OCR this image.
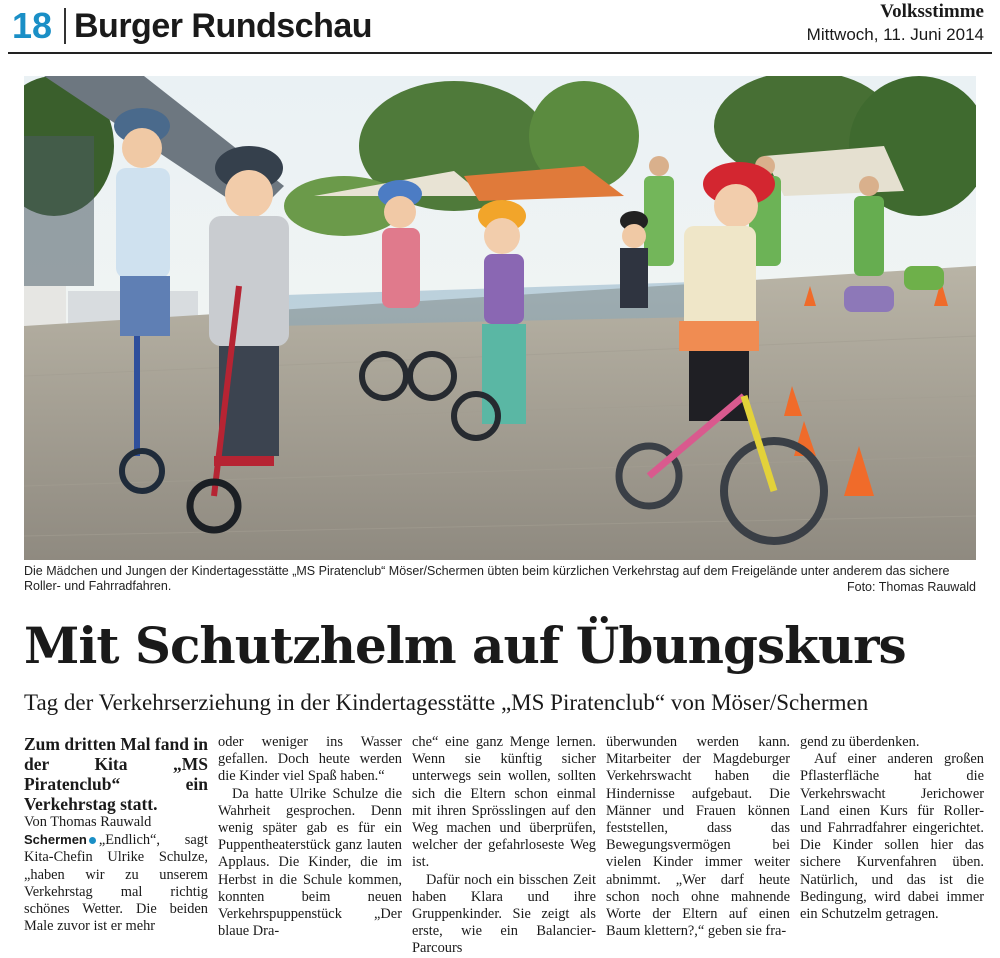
18 Burger Rundschau	Volksstimme
Mittwoch, 11. Juni 2014
Die Mädchen und Jungen der Kindertagesstätte „MS Piratenclub“ Möser/Schermen übten beim kürzlichen Verkehrstag auf dem Freigelände unter anderem das sichere Roller- und Fahrradfahren.	Foto: Thomas Rauwald
Mit Schutzhelm auf Übungskurs
Tag der Verkehrserziehung in der Kindertagesstätte „MS Piratenclub“ von Möser/Schermen

Zum dritten Mal fand in der Kita „MS Piratenclub“ ein Verkehrstag statt.

Von Thomas Rauwald

Schermen „Endlich“, sagt Kita-Chefin Ulrike Schulze, „haben wir zu unserem Verkehrstag mal richtig schönes Wetter. Die beiden Male zuvor ist er mehr

oder weniger ins Wasser gefallen. Doch heute werden die Kinder viel Spaß haben.“

Da hatte Ulrike Schulze die Wahrheit gesprochen. Denn wenig später gab es für ein Puppentheaterstück ganz lauten Applaus. Die Kinder, die im Herbst in die Schule kommen, konnten beim neuen Verkehrspuppenstück „Der blaue Dra-

che“ eine ganz Menge lernen. Wenn sie künftig sicher unterwegs sein wollen, sollten sich die Eltern schon einmal mit ihren Sprösslingen auf den Weg machen und überprüfen, welcher der gefahrloseste Weg ist.

Dafür noch ein bisschen Zeit haben Klara und ihre Gruppenkinder. Sie zeigt als erste, wie ein Balancier-Parcours

überwunden werden kann. Mitarbeiter der Magdeburger Verkehrswacht haben die Hindernisse aufgebaut. Die Männer und Frauen können feststellen, dass das Bewegungsvermögen bei vielen Kinder immer weiter abnimmt. „Wer darf heute schon noch ohne mahnende Worte der Eltern auf einen Baum klettern?,“ geben sie fra-

gend zu überdenken.

Auf einer anderen großen Pflasterfläche hat die Verkehrswacht Jerichower Land einen Kurs für Roller- und Fahrradfahrer eingerichtet. Die Kinder sollen hier das sichere Kurvenfahren üben. Natürlich, und das ist die Bedingung, wird dabei immer ein Schutzelm getragen.
